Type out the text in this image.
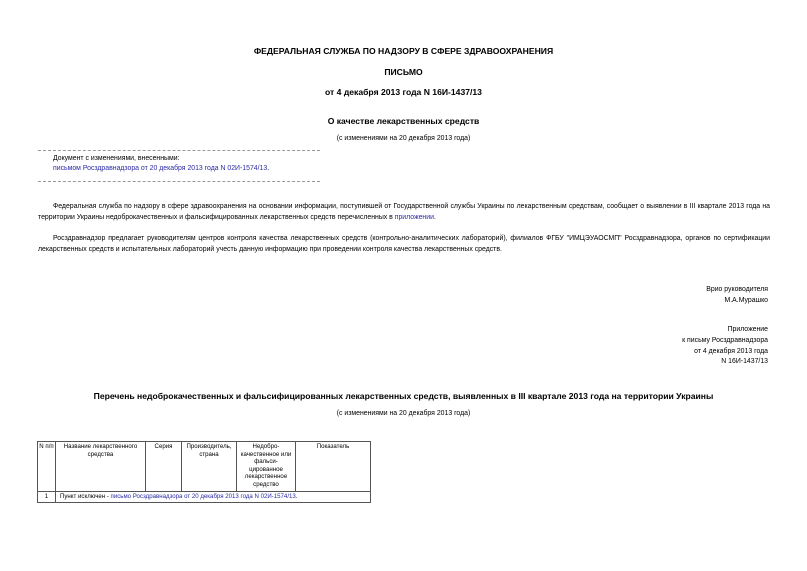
ФЕДЕРАЛЬНАЯ СЛУЖБА ПО НАДЗОРУ В СФЕРЕ ЗДРАВООХРАНЕНИЯ
ПИСЬМО
от 4 декабря 2013 года N 16И-1437/13
О качестве лекарственных средств
(с изменениями на 20 декабря 2013 года)
Документ с изменениями, внесенными:
письмом Росздравнадзора от 20 декабря 2013 года N 02И-1574/13.
Федеральная служба по надзору в сфере здравоохранения на основании информации, поступившей от Государственной службы Украины по лекарственным средствам, сообщает о выявлении в III квартале 2013 года на территории Украины недоброкачественных и фальсифицированных лекарственных средств перечисленных в приложении.
Росздравнадзор предлагает руководителям центров контроля качества лекарственных средств (контрольно-аналитических лабораторий), филиалов ФГБУ "ИМЦЭУАОСМП" Росздравнадзора, органов по сертификации лекарственных средств и испытательных лабораторий учесть данную информацию при проведении контроля качества лекарственных средств.
Врио руководителя
М.А.Мурашко
Приложение
к письму Росздравнадзора
от 4 декабря 2013 года
N 16И-1437/13
Перечень недоброкачественных и фальсифицированных лекарственных средств, выявленных в III квартале 2013 года на территории Украины
(с изменениями на 20 декабря 2013 года)
N п/п	Название лекарственного средства	Серия	Производитель, страна	Недобро-качественное или фальси-цированное лекарственное средство	Показатель
1	Пункт исключен - письмо Росздравнадзора от 20 декабря 2013 года N 02И-1574/13.				
